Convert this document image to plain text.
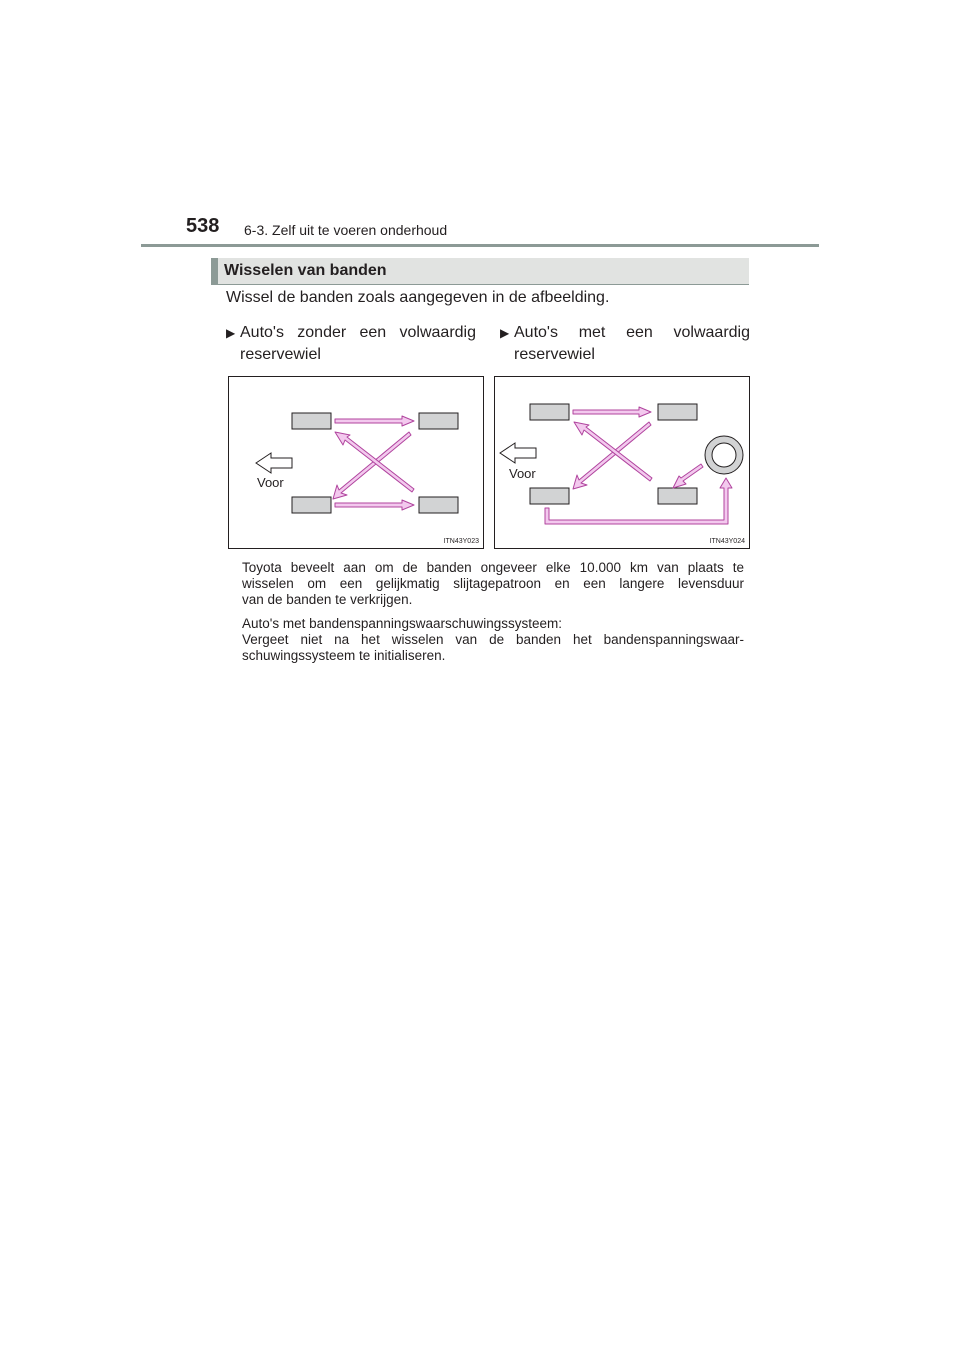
538 6-3. Zelf uit te voeren onderhoud
Wisselen van banden
Wissel de banden zoals aangegeven in de afbeelding.
▶ Auto's zonder een volwaardig
reservewiel
▶ Auto's met een volwaardig
reservewiel
Voor
ITN43Y023
Voor
ITN43Y024
Toyota beveelt aan om de banden ongeveer elke 10.000 km van plaats te
wisselen om een gelijkmatig slijtagepatroon en een langere levensduur
van de banden te verkrijgen.
Auto's met bandenspanningswaarschuwingssysteem:
Vergeet niet na het wisselen van de banden het bandenspanningswaar-
schuwingssysteem te initialiseren.
